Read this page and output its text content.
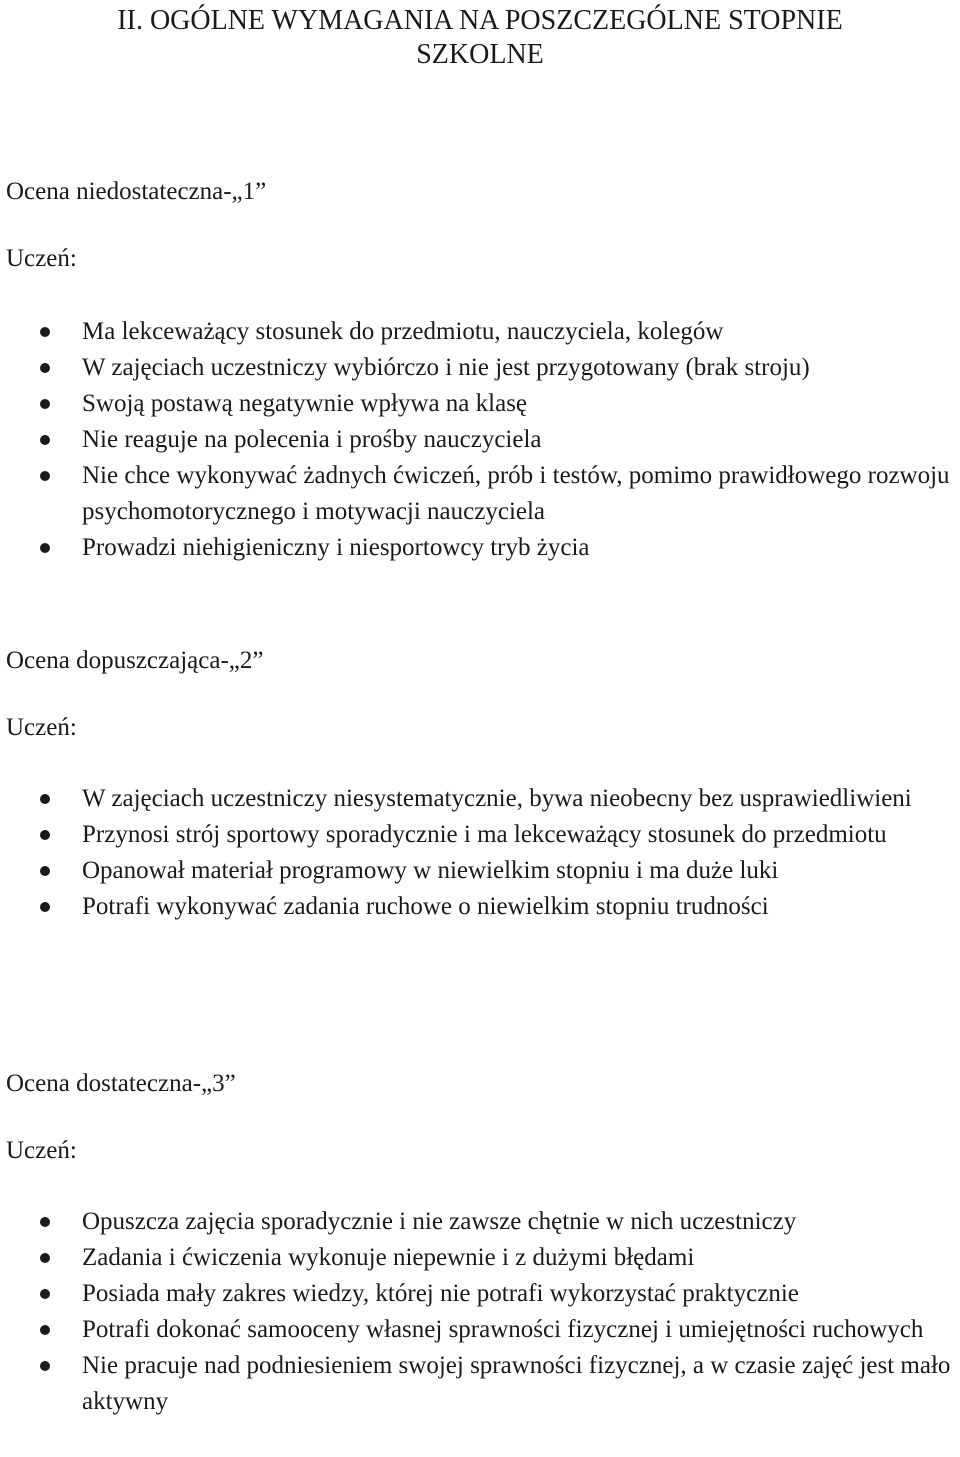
II. OGÓLNE WYMAGANIA NA POSZCZEGÓLNE STOPNIE
SZKOLNE
Ocena niedostateczna-„1”

Uczeń:

Ma lekceważący stosunek do przedmiotu, nauczyciela, kolegów
W zajęciach uczestniczy wybiórczo i nie jest przygotowany (brak stroju)
Swoją postawą negatywnie wpływa na klasę
Nie reaguje na polecenia i prośby nauczyciela
Nie chce wykonywać żadnych ćwiczeń, prób i testów, pomimo prawidłowego rozwoju psychomotorycznego i motywacji nauczyciela
Prowadzi niehigieniczny i niesportowcy tryb życia
Ocena dopuszczająca-„2”

Uczeń:

W zajęciach uczestniczy niesystematycznie, bywa nieobecny bez usprawiedliwieni
Przynosi strój sportowy sporadycznie i ma lekceważący stosunek do przedmiotu
Opanował materiał programowy w niewielkim stopniu i ma duże luki
Potrafi wykonywać zadania ruchowe o niewielkim stopniu trudności
Ocena dostateczna-„3”

Uczeń:

Opuszcza zajęcia sporadycznie i nie zawsze chętnie w nich uczestniczy
Zadania i ćwiczenia wykonuje niepewnie i z dużymi błędami
Posiada mały zakres wiedzy, której nie potrafi wykorzystać praktycznie
Potrafi dokonać samooceny własnej sprawności fizycznej i umiejętności ruchowych
Nie pracuje nad podniesieniem swojej sprawności fizycznej, a w czasie zajęć jest mało aktywny
